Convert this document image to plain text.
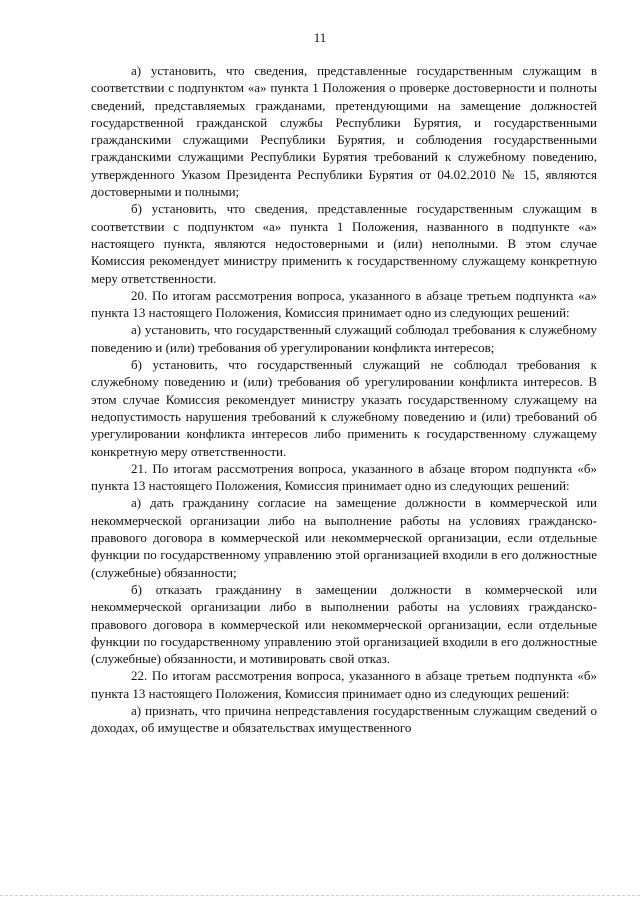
11

а) установить, что сведения, представленные государственным служащим в соответствии с подпунктом «а» пункта 1 Положения о проверке достоверности и полноты сведений, представляемых гражданами, претендующими на замещение должностей государственной гражданской службы Республики Бурятия, и государственными гражданскими служащими Республики Бурятия, и соблюдения государственными гражданскими служащими Республики Бурятия требований к служебному поведению, утвержденного Указом Президента Республики Бурятия от 04.02.2010 № 15, являются достоверными и полными;

б) установить, что сведения, представленные государственным служащим в соответствии с подпунктом «а» пункта 1 Положения, названного в подпункте «а» настоящего пункта, являются недостоверными и (или) неполными. В этом случае Комиссия рекомендует министру применить к государственному служащему конкретную меру ответственности.

20. По итогам рассмотрения вопроса, указанного в абзаце третьем подпункта «а» пункта 13 настоящего Положения, Комиссия принимает одно из следующих решений:

а) установить, что государственный служащий соблюдал требования к служебному поведению и (или) требования об урегулировании конфликта интересов;

б) установить, что государственный служащий не соблюдал требования к служебному поведению и (или) требования об урегулировании конфликта интересов. В этом случае Комиссия рекомендует министру указать государственному служащему на недопустимость нарушения требований к служебному поведению и (или) требований об урегулировании конфликта интересов либо применить к государственному служащему конкретную меру ответственности.

21. По итогам рассмотрения вопроса, указанного в абзаце втором подпункта «б» пункта 13 настоящего Положения, Комиссия принимает одно из следующих решений:

а) дать гражданину согласие на замещение должности в коммерческой или некоммерческой организации либо на выполнение работы на условиях гражданско-правового договора в коммерческой или некоммерческой организации, если отдельные функции по государственному управлению этой организацией входили в его должностные (служебные) обязанности;

б) отказать гражданину в замещении должности в коммерческой или некоммерческой организации либо в выполнении работы на условиях гражданско-правового договора в коммерческой или некоммерческой организации, если отдельные функции по государственному управлению этой организацией входили в его должностные (служебные) обязанности, и мотивировать свой отказ.

22. По итогам рассмотрения вопроса, указанного в абзаце третьем подпункта «б» пункта 13 настоящего Положения, Комиссия принимает одно из следующих решений:

а) признать, что причина непредставления государственным служащим сведений о доходах, об имуществе и обязательствах имущественного
